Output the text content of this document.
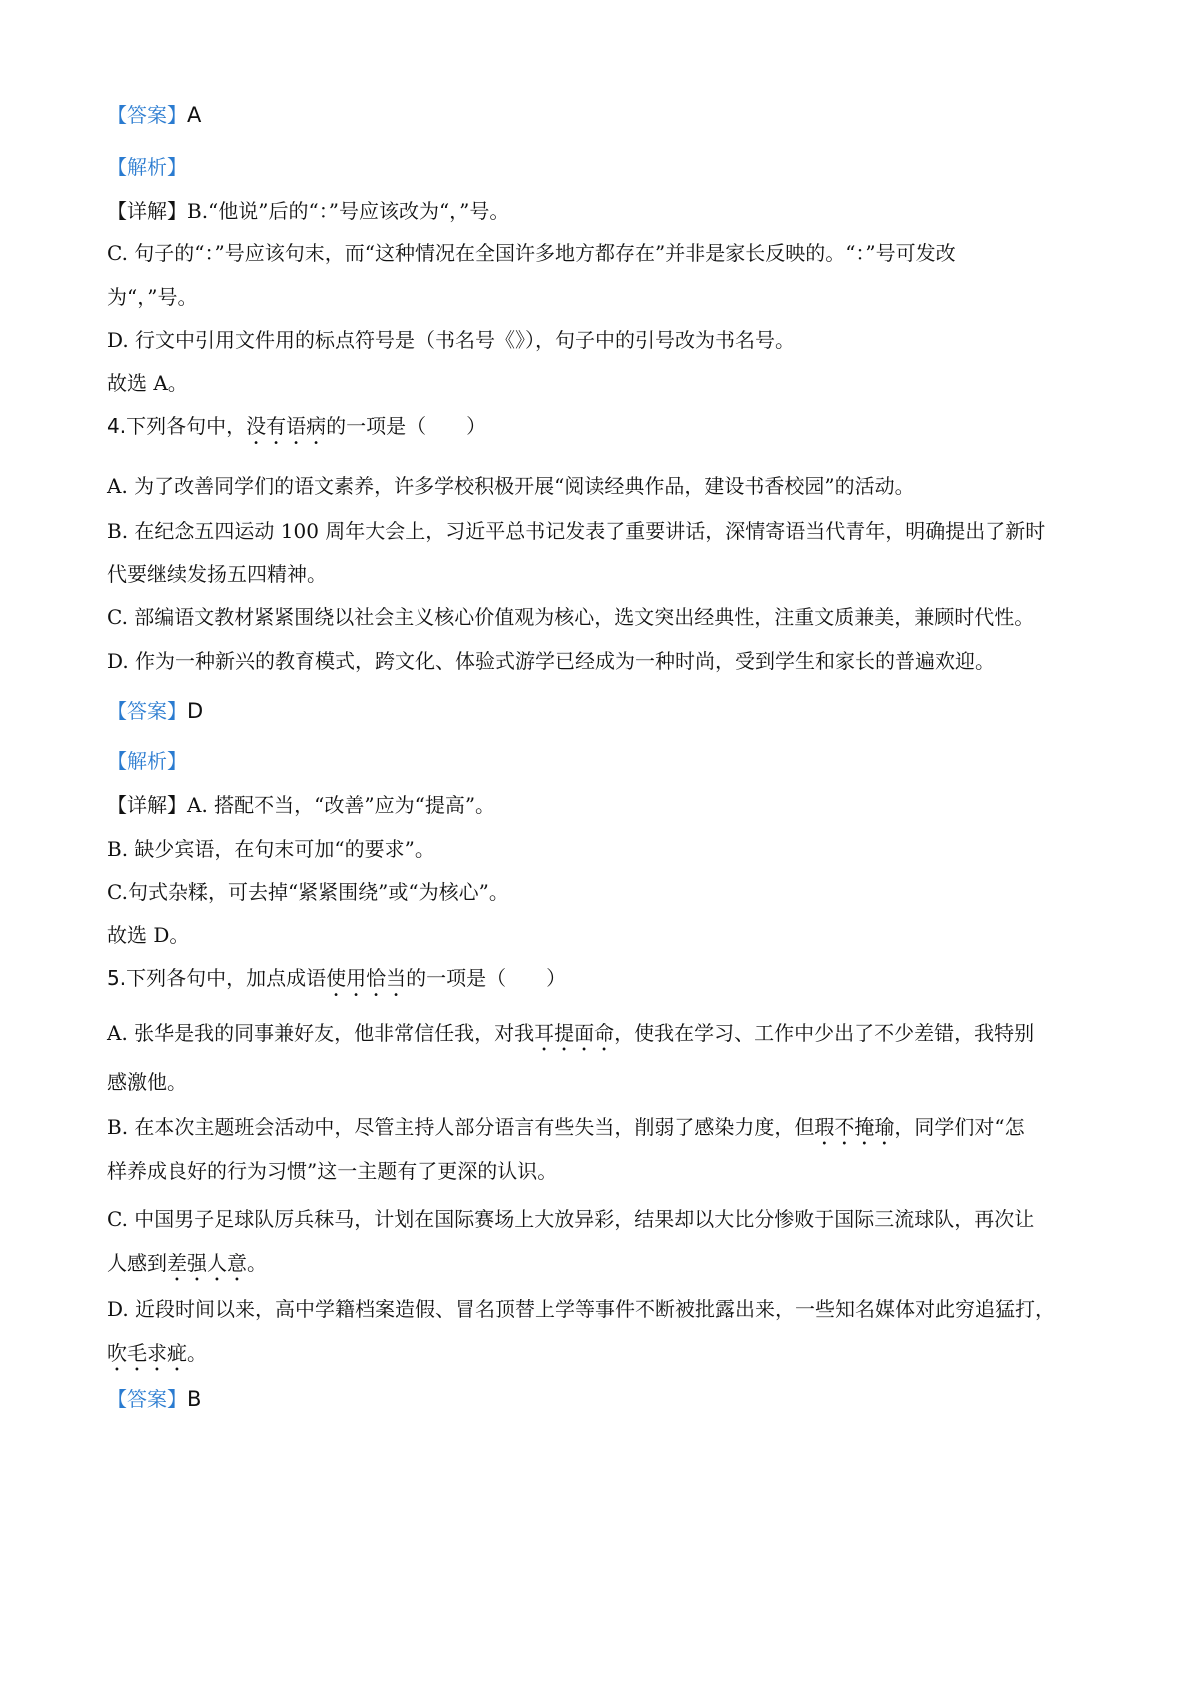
【答案】A
【解析】
【详解】B.“他说”后的“：”号应该改为“，”号。
C. 句子的“：”号应该句末，而“这种情况在全国许多地方都存在”并非是家长反映的。“：”号可发改
为“，”号。
D. 行文中引用文件用的标点符号是（书名号《》），句子中的引号改为书名号。
故选 A。
4.下列各句中，没有语病的一项是（　　）
A. 为了改善同学们的语文素养，许多学校积极开展“阅读经典作品，建设书香校园”的活动。
B. 在纪念五四运动 100 周年大会上，习近平总书记发表了重要讲话，深情寄语当代青年，明确提出了新时
代要继续发扬五四精神。
C. 部编语文教材紧紧围绕以社会主义核心价值观为核心，选文突出经典性，注重文质兼美，兼顾时代性。
D. 作为一种新兴的教育模式，跨文化、体验式游学已经成为一种时尚，受到学生和家长的普遍欢迎。
【答案】D
【解析】
【详解】A. 搭配不当，“改善”应为“提高”。
B. 缺少宾语，在句末可加“的要求”。
C.句式杂糅，可去掉“紧紧围绕”或“为核心”。
故选 D。
5.下列各句中，加点成语使用恰当的一项是（　　）
A. 张华是我的同事兼好友，他非常信任我，对我耳提面命，使我在学习、工作中少出了不少差错，我特别
感激他。
B. 在本次主题班会活动中，尽管主持人部分语言有些失当，削弱了感染力度，但瑕不掩瑜，同学们对“怎
样养成良好的行为习惯”这一主题有了更深的认识。
C. 中国男子足球队厉兵秣马，计划在国际赛场上大放异彩，结果却以大比分惨败于国际三流球队，再次让
人感到差强人意。
D. 近段时间以来，高中学籍档案造假、冒名顶替上学等事件不断被批露出来，一些知名媒体对此穷追猛打，
吹毛求疵。
【答案】B
